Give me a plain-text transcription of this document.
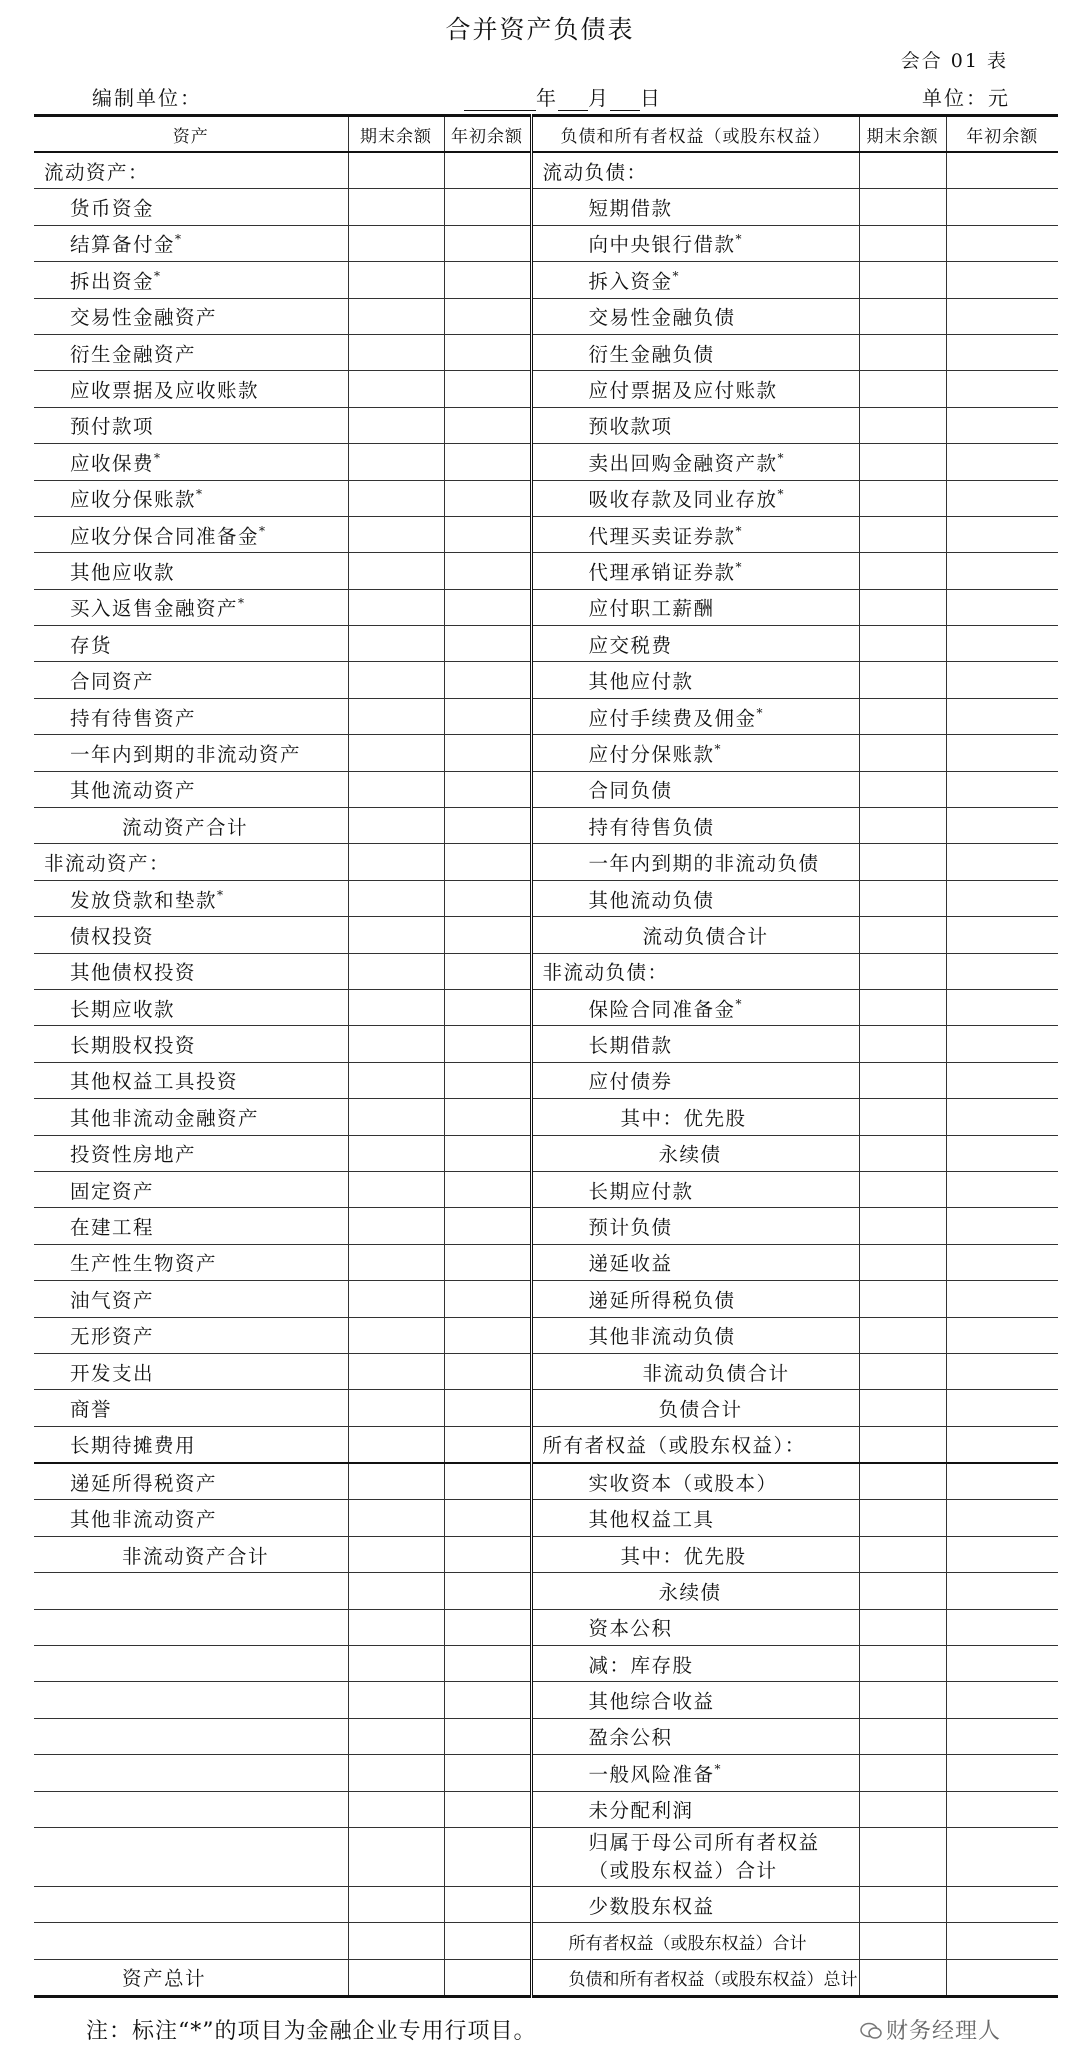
合并资产负债表
会合 01 表
编制单位：	年 月 日	单位：元
资产	期末余额	年初余额	负债和所有者权益（或股东权益）	期末余额	年初余额
流动资产：			流动负债：		
货币资金			短期借款		
结算备付金*			向中央银行借款*		
拆出资金*			拆入资金*		
交易性金融资产			交易性金融负债		
衍生金融资产			衍生金融负债		
应收票据及应收账款			应付票据及应付账款		
预付款项			预收款项		
应收保费*			卖出回购金融资产款*		
应收分保账款*			吸收存款及同业存放*		
应收分保合同准备金*			代理买卖证券款*		
其他应收款			代理承销证券款*		
买入返售金融资产*			应付职工薪酬		
存货			应交税费		
合同资产			其他应付款		
持有待售资产			应付手续费及佣金*		
一年内到期的非流动资产			应付分保账款*		
其他流动资产			合同负债		
流动资产合计			持有待售负债		
非流动资产：			一年内到期的非流动负债		
发放贷款和垫款*			其他流动负债		
债权投资			流动负债合计		
其他债权投资			非流动负债：		
长期应收款			保险合同准备金*		
长期股权投资			长期借款		
其他权益工具投资			应付债券		
其他非流动金融资产			其中：优先股		
投资性房地产			永续债		
固定资产			长期应付款		
在建工程			预计负债		
生产性生物资产			递延收益		
油气资产			递延所得税负债		
无形资产			其他非流动负债		
开发支出			非流动负债合计		
商誉			负债合计		
长期待摊费用			所有者权益（或股东权益）：		
递延所得税资产			实收资本（或股本）		
其他非流动资产			其他权益工具		
非流动资产合计			其中：优先股		
			永续债		
			资本公积		
			减：库存股		
			其他综合收益		
			盈余公积		
			一般风险准备*		
			未分配利润		
			归属于母公司所有者权益（或股东权益）合计		
			少数股东权益		
			所有者权益（或股东权益）合计		
资产总计			负债和所有者权益（或股东权益）总计		
注：标注“*”的项目为金融企业专用行项目。	财务经理人
